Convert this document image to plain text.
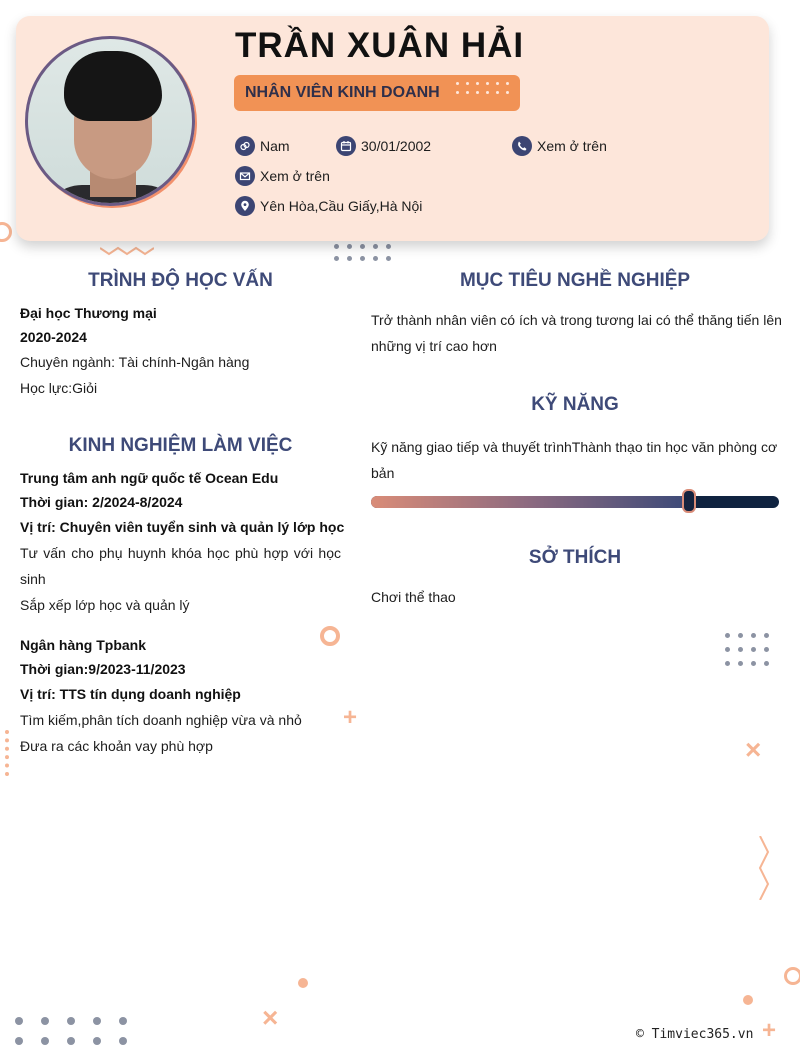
+
×
×	+
TRẦN XUÂN HẢI
NHÂN VIÊN KINH DOANH
Nam	30/01/2002	Xem ở trên
Xem ở trên
Yên Hòa,Cầu Giấy,Hà Nội
TRÌNH ĐỘ HỌC VẤN
Đại học Thương mại
2020-2024
Chuyên ngành: Tài chính-Ngân hàng
Học lực:Giỏi
KINH NGHIỆM LÀM VIỆC
Trung tâm anh ngữ quốc tế Ocean Edu
Thời gian: 2/2024-8/2024
Vị trí: Chuyên viên tuyển sinh và quản lý lớp học
Tư vấn cho phụ huynh khóa học phù hợp với học sinh
Sắp xếp lớp học và quản lý
Ngân hàng Tpbank
Thời gian:9/2023-11/2023
Vị trí: TTS tín dụng doanh nghiệp
Tìm kiếm,phân tích doanh nghiệp vừa và nhỏ
Đưa ra các khoản vay phù hợp
MỤC TIÊU NGHỀ NGHIỆP
Trở thành nhân viên có ích và trong tương lai có thể thăng tiến lên những vị trí cao hơn
KỸ NĂNG
Kỹ năng giao tiếp và thuyết trìnhThành thạo tin học văn phòng cơ bản
SỞ THÍCH
Chơi thể thao
© Timviec365.vn
